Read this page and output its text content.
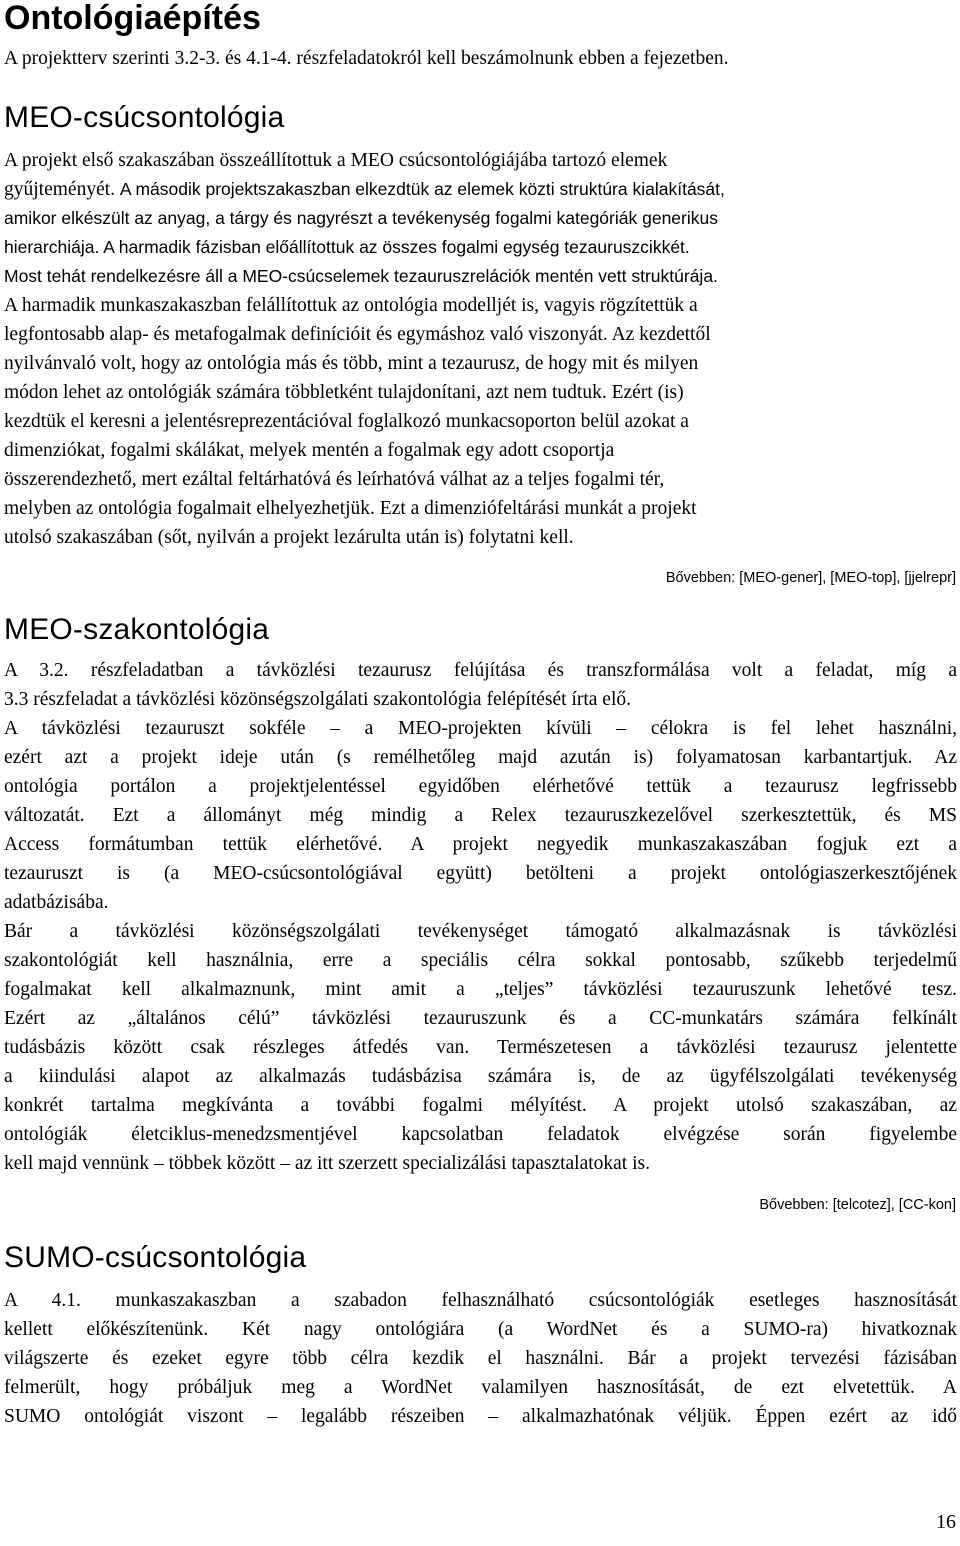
Ontológiaépítés

A projektterv szerinti 3.2-3. és 4.1-4. részfeladatokról kell beszámolnunk ebben a fejezetben.

MEO-csúcsontológia

A projekt első szakaszában összeállítottuk a MEO csúcsontológiájába tartozó elemek

gyűjteményét. A második projektszakaszban elkezdtük az elemek közti struktúra kialakítását,

amikor elkészült az anyag, a tárgy és nagyrészt a tevékenység fogalmi kategóriák generikus

hierarchiája. A harmadik fázisban előállítottuk az összes fogalmi egység tezauruszcikkét.

Most tehát rendelkezésre áll a MEO-csúcselemek tezauruszrelációk mentén vett struktúrája.

A harmadik munkaszakaszban felállítottuk az ontológia modelljét is, vagyis rögzítettük a

legfontosabb alap- és metafogalmak definícióit és egymáshoz való viszonyát. Az kezdettől

nyilvánvaló volt, hogy az ontológia más és több, mint a tezaurusz, de hogy mit és milyen

módon lehet az ontológiák számára többletként tulajdonítani, azt nem tudtuk. Ezért (is)

kezdtük el keresni a jelentésreprezentációval foglalkozó munkacsoporton belül azokat a

dimenziókat, fogalmi skálákat, melyek mentén a fogalmak egy adott csoportja

összerendezhető, mert ezáltal feltárhatóvá és leírhatóvá válhat az a teljes fogalmi tér,

melyben az ontológia fogalmait elhelyezhetjük. Ezt a dimenziófeltárási munkát a projekt

utolsó szakaszában (sőt, nyilván a projekt lezárulta után is) folytatni kell.

Bővebben: [MEO-gener], [MEO-top], [jjelrepr]

MEO-szakontológia

A 3.2. részfeladatban a távközlési tezaurusz felújítása és transzformálása volt a feladat, míg a

3.3 részfeladat a távközlési közönségszolgálati szakontológia felépítését írta elő.

A távközlési tezauruszt sokféle – a MEO-projekten kívüli – célokra is fel lehet használni,

ezért azt a projekt ideje után (s remélhetőleg majd azután is) folyamatosan karbantartjuk. Az

ontológia portálon a projektjelentéssel egyidőben elérhetővé tettük a tezaurusz legfrissebb

változatát. Ezt a állományt még mindig a Relex tezauruszkezelővel szerkesztettük, és MS

Access formátumban tettük elérhetővé. A projekt negyedik munkaszakaszában fogjuk ezt a

tezauruszt is (a MEO-csúcsontológiával együtt) betölteni a projekt ontológiaszerkesztőjének

adatbázisába.

Bár a távközlési közönségszolgálati tevékenységet támogató alkalmazásnak is távközlési

szakontológiát kell használnia, erre a speciális célra sokkal pontosabb, szűkebb terjedelmű

fogalmakat kell alkalmaznunk, mint amit a „teljes” távközlési tezauruszunk lehetővé tesz.

Ezért az „általános célú” távközlési tezauruszunk és a CC-munkatárs számára felkínált

tudásbázis között csak részleges átfedés van. Természetesen a távközlési tezaurusz jelentette

a kiindulási alapot az alkalmazás tudásbázisa számára is, de az ügyfélszolgálati tevékenység

konkrét tartalma megkívánta a további fogalmi mélyítést. A projekt utolsó szakaszában, az

ontológiák életciklus-menedzsmentjével kapcsolatban feladatok elvégzése során figyelembe

kell majd vennünk – többek között – az itt szerzett specializálási tapasztalatokat is.

Bővebben: [telcotez], [CC-kon]

SUMO-csúcsontológia

A 4.1. munkaszakaszban a szabadon felhasználható csúcsontológiák esetleges hasznosítását

kellett előkészítenünk. Két nagy ontológiára (a WordNet és a SUMO-ra) hivatkoznak

világszerte és ezeket egyre több célra kezdik el használni. Bár a projekt tervezési fázisában

felmerült, hogy próbáljuk meg a WordNet valamilyen hasznosítását, de ezt elvetettük. A

SUMO ontológiát viszont – legalább részeiben – alkalmazhatónak véljük. Éppen ezért az idő

16
